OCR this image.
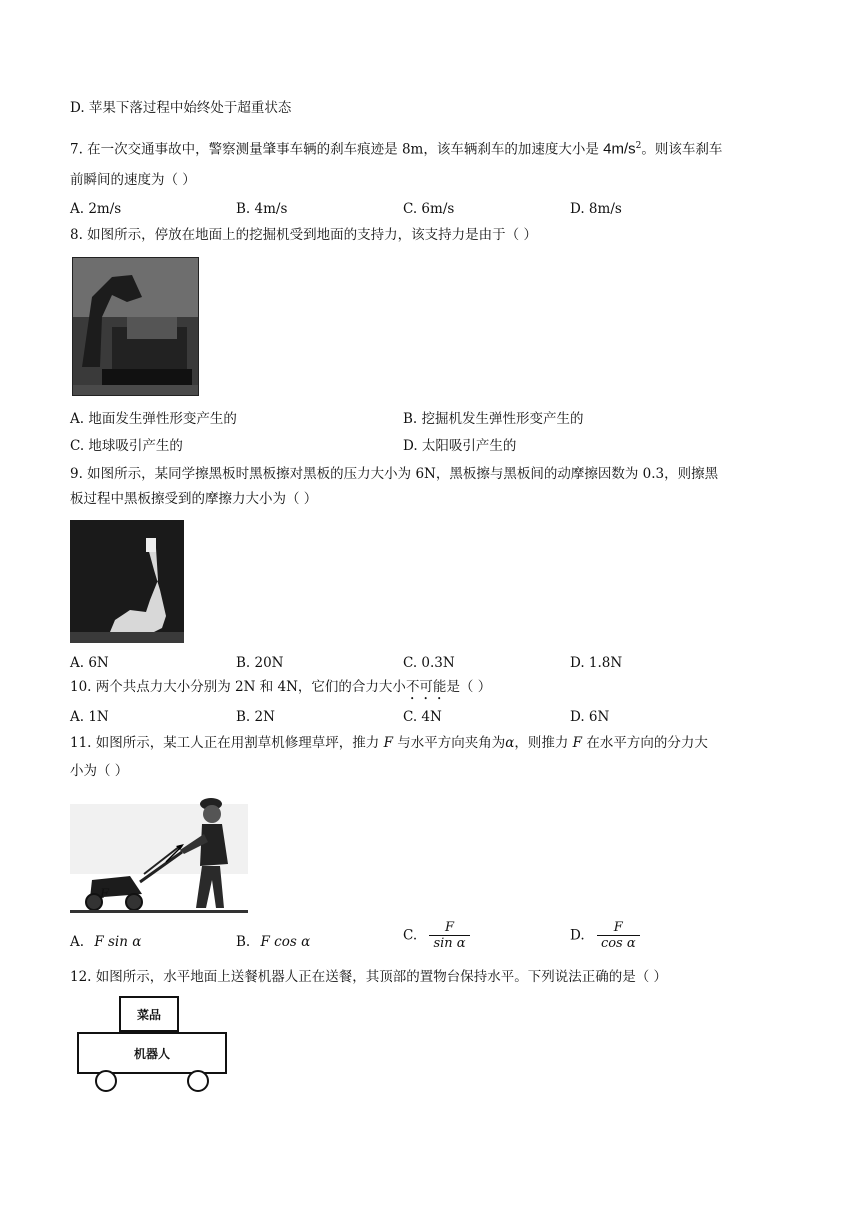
D. 苹果下落过程中始终处于超重状态
7. 在一次交通事故中，警察测量肇事车辆的刹车痕迹是 8m，该车辆刹车的加速度大小是 $4m/s^2$。则该车刹车
前瞬间的速度为（ ）
A. 2m/s	B. 4m/s	C. 6m/s	D. 8m/s
8. 如图所示，停放在地面上的挖掘机受到地面的支持力，该支持力是由于（ ）
A. 地面发生弹性形变产生的	B. 挖掘机发生弹性形变产生的
C. 地球吸引产生的	D. 太阳吸引产生的
9. 如图所示，某同学擦黑板时黑板擦对黑板的压力大小为 6N，黑板擦与黑板间的动摩擦因数为 0.3，则擦黑
板过程中黑板擦受到的摩擦力大小为（ ）
A. 6N	B. 20N	C. 0.3N	D. 1.8N
10. 两个共点力大小分别为 2N 和 4N，它们的合力大小不可能是（ ）
A. 1N	B. 2N	C. 4N	D. 6N
11. 如图所示，某工人正在用割草机修理草坪，推力 F 与水平方向夹角为α，则推力 F 在水平方向的分力大
小为（ ）
F
A. F sin α	B. F cos α	C. $\frac{F}{\text{sin α}}$	D. $\frac{F}{\text{cos α}}$
12. 如图所示，水平地面上送餐机器人正在送餐，其顶部的置物台保持水平。下列说法正确的是（ ）
菜品
机器人
